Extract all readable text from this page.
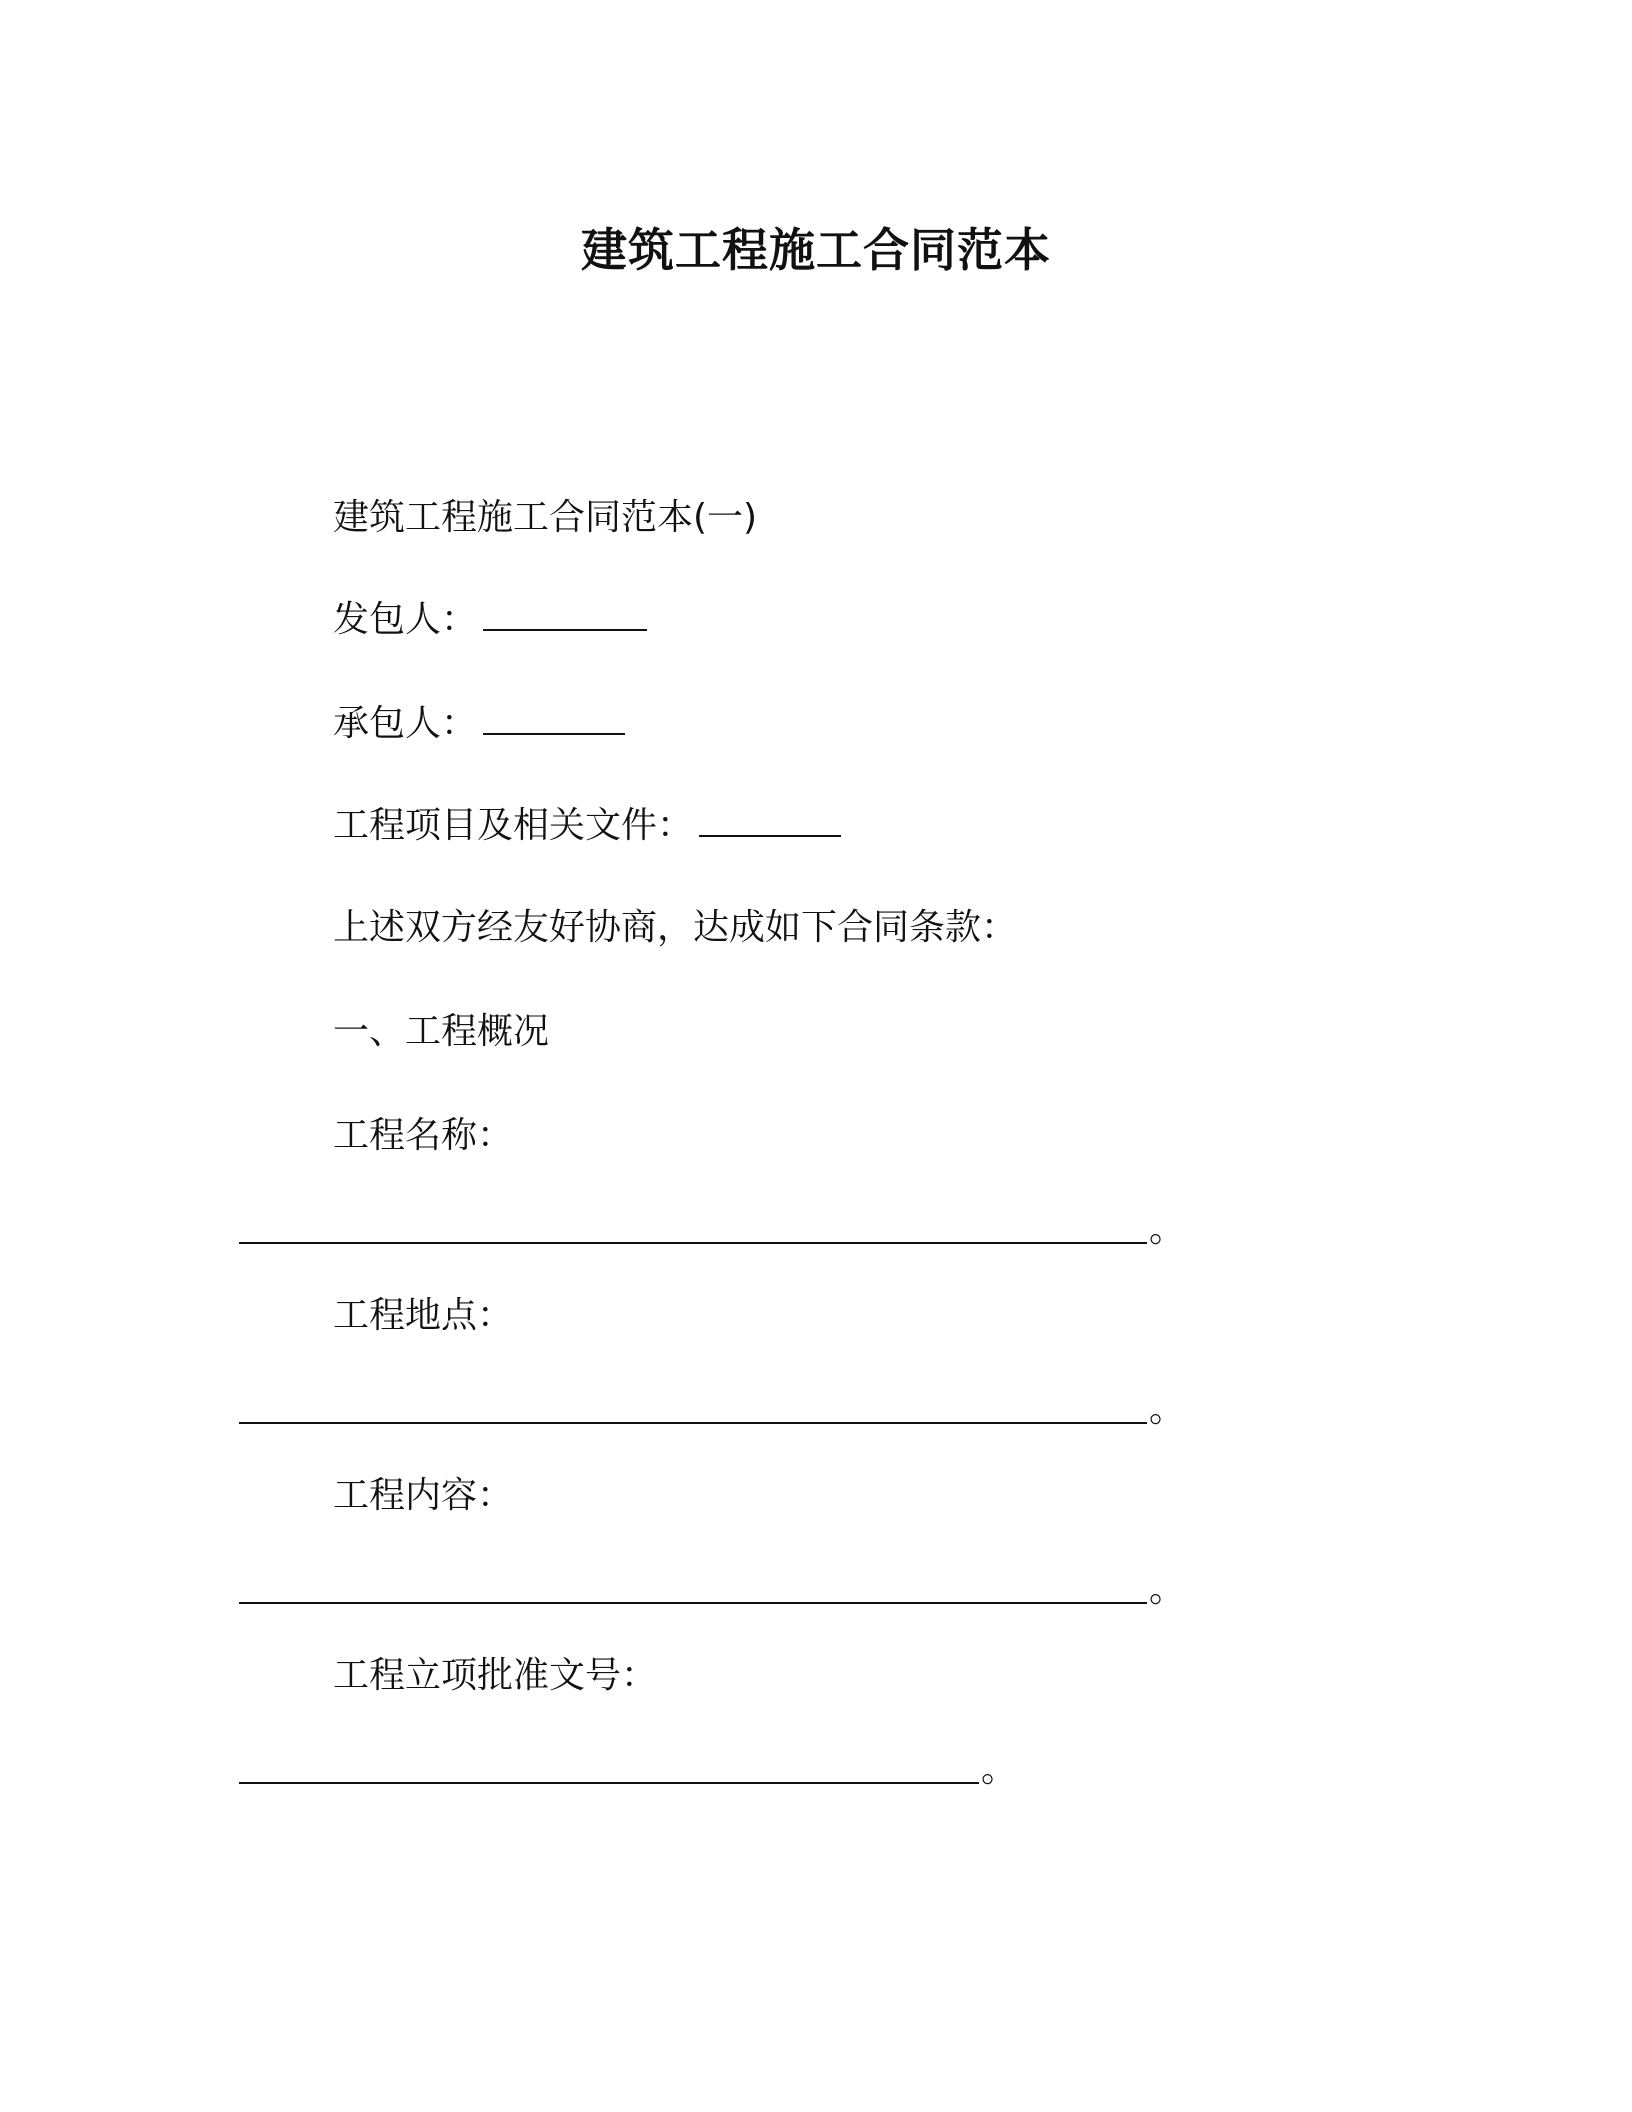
建筑工程施工合同范本
建筑工程施工合同范本(一)
发包人：
承包人：
工程项目及相关文件：
上述双方经友好协商，达成如下合同条款：
一、工程概况
工程名称：
。
工程地点：
。
工程内容：
。
工程立项批准文号：
。
